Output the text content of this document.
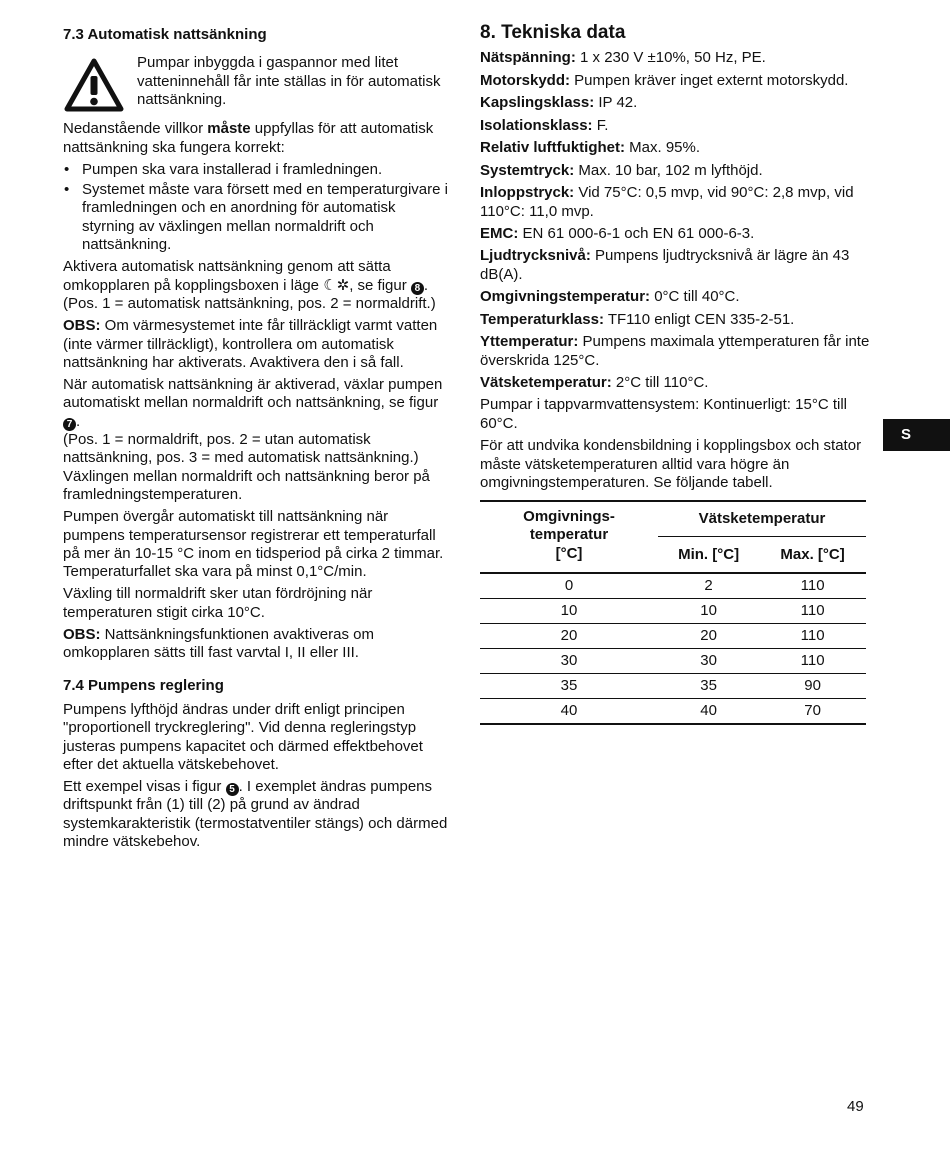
7.3 Automatisk nattsänkning

Pumpar inbyggda i gaspannor med litet vatteninnehåll får inte ställas in för automatisk nattsänkning.

Nedanstående villkor måste uppfyllas för att automatisk nattsänkning ska fungera korrekt:

• Pumpen ska vara installerad i framledningen.
• Systemet måste vara försett med en temperaturgivare i framledningen och en anordning för automatisk styrning av växlingen mellan normaldrift och nattsänkning.

Aktivera automatisk nattsänkning genom att sätta omkopplaren på kopplingsboxen i läge ☾✲, se figur 8 . (Pos. 1 = automatisk nattsänkning, pos. 2 = normaldrift.)

OBS: Om värmesystemet inte får tillräckligt varmt vatten (inte värmer tillräckligt), kontrollera om automatisk nattsänkning har aktiverats. Avaktivera den i så fall.

När automatisk nattsänkning är aktiverad, växlar pumpen automatiskt mellan normaldrift och nattsänkning, se figur 7 .

(Pos. 1 = normaldrift, pos. 2 = utan automatisk nattsänkning, pos. 3 = med automatisk nattsänkning.)

Växlingen mellan normaldrift och nattsänkning beror på framledningstemperaturen.

Pumpen övergår automatiskt till nattsänkning när pumpens temperatursensor registrerar ett temperaturfall på mer än 10-15 °C inom en tidsperiod på cirka 2 timmar. Temperaturfallet ska vara på minst 0,1°C/min.

Växling till normaldrift sker utan fördröjning när temperaturen stigit cirka 10°C.

OBS: Nattsänkningsfunktionen avaktiveras om omkopplaren sätts till fast varvtal I, II eller III.

7.4 Pumpens reglering

Pumpens lyfthöjd ändras under drift enligt principen "proportionell tryckreglering". Vid denna regleringstyp justeras pumpens kapacitet och därmed effektbehovet efter det aktuella vätskebehovet.

Ett exempel visas i figur 5 . I exemplet ändras pumpens driftspunkt från (1) till (2) på grund av ändrad systemkarakteristik (termostatventiler stängs) och därmed mindre vätskebehov.

8. Tekniska data

Nätspänning: 1 x 230 V ±10%, 50 Hz, PE.

Motorskydd: Pumpen kräver inget externt motorskydd.

Kapslingsklass: IP 42.

Isolationsklass: F.

Relativ luftfuktighet: Max. 95%.

Systemtryck: Max. 10 bar, 102 m lyfthöjd.

Inloppstryck: Vid 75°C: 0,5 mvp, vid 90°C: 2,8 mvp, vid 110°C: 11,0 mvp.

EMC: EN 61 000-6-1 och EN 61 000-6-3.

Ljudtrycksnivå: Pumpens ljudtrycksnivå är lägre än 43 dB(A).

Omgivningstemperatur: 0°C till 40°C.

Temperaturklass: TF110 enligt CEN 335-2-51.

Yttemperatur: Pumpens maximala yttemperaturen får inte överskrida 125°C.

Vätsketemperatur: 2°C till 110°C.

Pumpar i tappvarmvattensystem: Kontinuerligt: 15°C till 60°C.

För att undvika kondensbildning i kopplingsbox och stator måste vätsketemperaturen alltid vara högre än omgivningstemperaturen. Se följande tabell.

Omgivnings-
temperatur
[°C]	Vätsketemperatur	
	Min. [°C]	Max. [°C]
0	2	110
10	10	110
20	20	110
30	30	110
35	35	90
40	40	70
S
49
